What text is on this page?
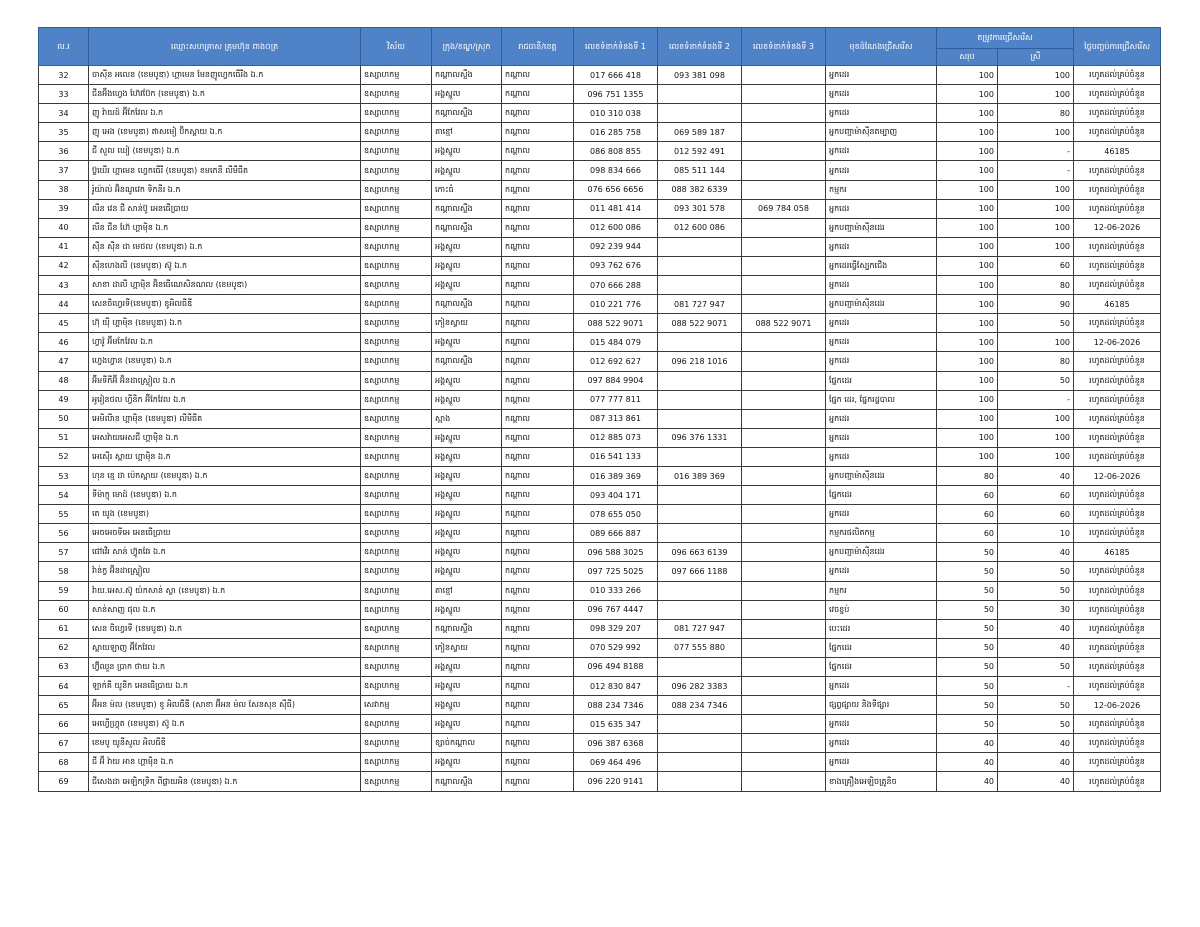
ល.រ	ឈ្មោះសហគ្រាស គ្រុមហ៊ុន ពាង០ត្រ	វិស័យ	ក្រុង/ខណ្ឌ/ស្រុក	រាជធានី/ខេត្ត	លេខទំនាក់ទំនងទី 1	លេខទំនាក់ទំនងទី 2	លេខទំនាក់ទំនងទី 3	មុខដំណែងជ្រើសរើស	តម្រូវការជ្រើសរើស		ថ្ងៃបញ្ចប់ការជ្រើសរើស
									សរុប	ស្រី	
32	ចាស៊ីន អលេន (ខេមបូឌា) ហ្គាមេន មែនញូហ្វេកធើរីង ឯ.ក	ឧស្សាហកម្ម	កណ្តាលស្ទឹង	កណ្តាល	017 666 418	093 381 098		អ្នកដេរ	100	100	រហូតដល់គ្រប់ចំនួន
33	ជីនអ៊ីងហ្វេង ហ៊ែវប៊ែក (ខេមបូឌា) ឯ.ក	ឧស្សាហកម្ម	អង្គស្នួល	កណ្តាល	096 751 1355			អ្នកដេរ	100	100	រហូតដល់គ្រប់ចំនួន
34	ញូ វ៉ាយដ៍ អ៊ីកែវែល ឯ.ក	ឧស្សាហកម្ម	កណ្តាលស្ទឹង	កណ្តាល	010 310 038			អ្នកដេរ	100	80	រហូតដល់គ្រប់ចំនួន
35	ញូ អេង (ខេមបូឌា) ឥាសមៀ ប៊ិកស្ពាយ ឯ.ក	ឧស្សាហកម្ម	តាខ្មៅ	កណ្តាល	016 285 758	069 589 187		អ្នកបញ្ជាម៉ាស៊ីនតម្បាញ	100	100	រហូតដល់គ្រប់ចំនួន
36	ជី សួល ឃៀ (ខេមបូឌា) ឯ.ក	ឧស្សាហកម្ម	អង្គស្នួល	កណ្តាល	086 808 855	012 592 491		អ្នកដេរ	100	-	46185
37	ប្ល៊ឃើរ ហ្គាមេន ហ្វេកធើរី (ខេមបូឌា) ខមភេនី លីមីធីត	ឧស្សាហកម្ម	អង្គស្នួល	កណ្តាល	098 834 666	085 511 144		អ្នកដេរ	100	-	រហូតដល់គ្រប់ចំនួន
38	រ៉ូយ៉ាល់ អ៊ិនណូវេក ទិកនីរ ឯ.ក	ឧស្សាហកម្ម	កោះធំ	កណ្តាល	076 656 6656	088 382 6339		កម្មករ	100	100	រហូតដល់គ្រប់ចំនួន
39	លីន វេន ជី សាន់ប៊ូ អេនធើប្រាយ	ឧស្សាហកម្ម	កណ្តាលស្ទឹង	កណ្តាល	011 481 414	093 301 578	069 784 058	អ្នកដេរ	100	100	រហូតដល់គ្រប់ចំនួន
40	លីន ជីន ហ៊ែ ហ្គាម៉ិន ឯ.ក	ឧស្សាហកម្ម	កណ្តាលស្ទឹង	កណ្តាល	012 600 086	012 600 086		អ្នកបញ្ជាម៉ាស៊ីនដេរ	100	100	12-06-2026
41	ស៊ីន ស៊ីន ដា មេថល (ខេមបូឌា) ឯ.ក	ឧស្សាហកម្ម	អង្គស្នួល	កណ្តាល	092 239 944			អ្នកដេរ	100	100	រហូតដល់គ្រប់ចំនួន
42	ស៊ីនហេងលី (ខេមបូឌា) ស៊ូ ឯ.ក	ឧស្សាហកម្ម	អង្គស្នួល	កណ្តាល	093 762 676			អ្នកដេរធ្វើស្បែកជើង	100	60	រហូតដល់គ្រប់ចំនួន
43	សាខា ដាលី ហ្គាម៉ិន អ៊ិនធើណេសិនណល (ខេមបូឌា)	ឧស្សាហកម្ម	អង្គស្នួល	កណ្តាល	070 666 288			អ្នកដេរ	100	80	រហូតដល់គ្រប់ចំនួន
44	សេនចិហ្វេរទី(ខេមបូឌា) ខូអិលធីឌី	ឧស្សាហកម្ម	កណ្តាលស្ទឹង	កណ្តាល	010 221 776	081 727 947		អ្នកបញ្ជាម៉ាស៊ីនដេរ	100	90	46185
45	ហ៊ុ យ៉ី ហ្គាម៉ិន (ខេមបូឌា) ឯ.ក	ឧស្សាហកម្ម	កៀនស្វាយ	កណ្តាល	088 522 9071	088 522 9071	088 522 9071	អ្នកដេរ	100	50	រហូតដល់គ្រប់ចំនួន
46	ហ្វាវ៉ូ អ៊ីមកែវែល ឯ.ក	ឧស្សាហកម្ម	អង្គស្នួល	កណ្តាល	015 484 079			អ្នកដេរ	100	100	12-06-2026
47	ហ្វេងហ្វាន (ខេមបូឌា) ឯ.ក	ឧស្សាហកម្ម	កណ្តាលស្ទឹង	កណ្តាល	012 692 627	096 218 1016		អ្នកដេរ	100	80	រហូតដល់គ្រប់ចំនួន
48	អ៊ីមទីភីអ៊ី អ៊ិនដាស្ទ្រៀល ឯ.ក	ឧស្សាហកម្ម	អង្គស្នួល	កណ្តាល	097 884 9904			ផ្នែកដេរ	100	50	រហូតដល់គ្រប់ចំនួន
49	អូរៀនថល ហ្វីនិក អ៊ីកែវែល ឯ.ក	ឧស្សាហកម្ម	អង្គស្នួល	កណ្តាល	077 777 811			ផ្នែក ដេរ, ផ្នែករដ្ឋបាល	100	-	រហូតដល់គ្រប់ចំនួន
50	អេមិលីាន ហ្គាម៉ិន (ខេមបូឌា) លីមីធីត	ឧស្សាហកម្ម	ស្អាង	កណ្តាល	087 313 861			អ្នកដេរ	100	100	រហូតដល់គ្រប់ចំនួន
51	អេសវ៉ាយអេសជី ហ្គាម៉ិន ឯ.ក	ឧស្សាហកម្ម	អង្គស្នួល	កណ្តាល	012 885 073	096 376 1331		អ្នកដេរ	100	100	រហូតដល់គ្រប់ចំនួន
52	អេស៊ើរ ស្ពាយ ហ្គាម៉ិន ឯ.ក	ឧស្សាហកម្ម	អង្គស្នួល	កណ្តាល	016 541 133			អ្នកដេរ	100	100	រហូតដល់គ្រប់ចំនួន
53	ហុន ខ្មេ ដា ប៉េកស្ពាយ (ខេមបូឌា) ឯ.ក	ឧស្សាហកម្ម	អង្គស្នួល	កណ្តាល	016 389 369	016 389 369		អ្នកបញ្ជាម៉ាស៊ីនដេរ	80	40	12-06-2026
54	ទីម៉ាក្ញុ មោដ៍ (ខេមបូឌា) ឯ.ក	ឧស្សាហកម្ម	អង្គស្នួល	កណ្តាល	093 404 171			ផ្នែកដេរ	60	60	រហូតដល់គ្រប់ចំនួន
55	តេ យូង (ខេមបូឌា)	ឧស្សាហកម្ម	អង្គស្នួល	កណ្តាល	078 655 050			អ្នកដេរ	60	60	រហូតដល់គ្រប់ចំនួន
56	អេចអេចទីអេ អេនធើប្រាយ	ឧស្សាហកម្ម	អង្គស្នួល	កណ្តាល	089 666 887			កម្មករផលិតកម្ម	60	10	រហូតដល់គ្រប់ចំនួន
57	ផៅវើរ សាន់ ហ៊្វូតវែរ ឯ.ក	ឧស្សាហកម្ម	អង្គស្នួល	កណ្តាល	096 588 3025	096 663 6139		អ្នកបញ្ជាម៉ាស៊ីនដេរ	50	40	46185
58	វ៉ាន់ក្វ អ៊ិនដាស្ទ្រៀល	ឧស្សាហកម្ម	អង្គស្នួល	កណ្តាល	097 725 5025	097 666 1188		អ្នកដេរ	50	50	រហូតដល់គ្រប់ចំនួន
59	វ៉ាយ.អេស.ស៊ូ យ៉កសាន់ ស្លា (ខេមបូឌា) ឯ.ក	ឧស្សាហកម្ម	តាខ្មៅ	កណ្តាល	010 333 266			កម្មករ	50	50	រហូតដល់គ្រប់ចំនួន
60	សាន់សាញ ផុល ឯ.ក	ឧស្សាហកម្ម	អង្គស្នួល	កណ្តាល	096 767 4447			វេចខ្ចប់	50	30	រហូតដល់គ្រប់ចំនួន
61	សេន ចិហ្វេរទី (ខេមបូឌា) ឯ.ក	ឧស្សាហកម្ម	កណ្តាលស្ទឹង	កណ្តាល	098 329 207	081 727 947		បេះដេរ	50	40	រហូតដល់គ្រប់ចំនួន
62	ស្តាយឡាញ អ៊ីកែវែល	ឧស្សាហកម្ម	កៀនស្វាយ	កណ្តាល	070 529 992	077 555 880		ផ្នែកដេរ	50	40	រហូតដល់គ្រប់ចំនួន
63	ហ៊្វីឈួន ប្រាក ថាយ ឯ.ក	ឧស្សាហកម្ម	អង្គស្នួល	កណ្តាល	096 494 8188			ផ្នែកដេរ	50	50	រហូតដល់គ្រប់ចំនួន
64	ឡាក់គី យូនីក អេនធើប្រាយ ឯ.ក	ឧស្សាហកម្ម	អង្គស្នួល	កណ្តាល	012 830 847	096 282 3383		អ្នកដេរ	50	-	រហូតដល់គ្រប់ចំនួន
65	អ៊ីអន ម៉ល (ខេមបូឌា) ខូ អិលធីឌី (សាខា អ៊ីអន ម៉ល សែនសុខ ស៊ីធី)	សេវាកម្ម	អង្គស្នួល	កណ្តាល	088 234 7346	088 234 7346		ផ្សព្វផ្សាយ និងទីផ្សារ	50	50	12-06-2026
66	អេហ្វើហ្វ្រុត (ខេមបូឌា) ស៊ូ ឯ.ក	ឧស្សាហកម្ម	អង្គស្នួល	កណ្តាល	015 635 347			អ្នកដេរ	50	50	រហូតដល់គ្រប់ចំនួន
67	ខេមបូ យូនីសួល អិលធីឌី	ឧស្សាហកម្ម	ខ្សាច់កណ្តាល	កណ្តាល	096 387 6368			អ្នកដេរ	40	40	រហូតដល់គ្រប់ចំនួន
68	ជី អ៊ី វ៉ាយ អាន ហ្គាម៉ិន ឯ.ក	ឧស្សាហកម្ម	អង្គស្នួល	កណ្តាល	069 464 496			អ្នកដេរ	40	40	រហូតដល់គ្រប់ចំនួន
69	ជីសេងដា អេឡិកទ្រិក ពីផ្លាយអិន (ខេមបូឌា) ឯ.ក	ឧស្សាហកម្ម	កណ្តាលស្ទឹង	កណ្តាល	096 220 9141			ខាងគ្រឿងអេឡិចត្រូនិច	40	40	រហូតដល់គ្រប់ចំនួន
